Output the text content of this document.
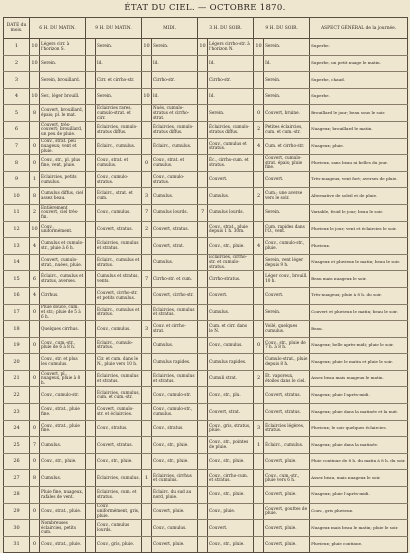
ÉTAT DU CIEL. — OCTOBRE 1870.
DATE du mois.	6 H. DU MATIN.		9 H. DU MATIN.		MIDI.		3 H. DU SOIR.		9 H. DU SOIR.		ASPECT GÉNÉRAL de la journée.
1	10	Légers cirr. à l'horizon S.		Serein.	10	Serein.	10	Légers cirrho-str. à l'horizon N.	10	Serein.	Superbe.
2	10	Serein.		Id.		Id.		Id.		Id.	Superbe, un petit nuage le matin.
3		Serein, brouillard.		Cirr. et cirrho-str.		Cirrho-str.		Cirrho-str.		Serein.	Superbe, chaud.
4	10	Ser., léger brouill.		Serein.	10	Id.		Id.		Serein.	Superbe.
5	8	Couvert, brouillard, épais; pl. le mat.		Éclaircies rares, cumulo-strat. et cirr.		Nués, cumulo-stratus et cirrho-strat.		Serein.	0	Couvert, bruine.	Brouillard le jour; beau sous le soir.
6		Couvert, très-couvert; brouillard, un peu de pluie.		Éclaircies, cumulo-stratus diffus.		Éclaircies, cumulo-stratus diffus.		Éclaircies, cumulo-stratus diffus.	2	Petites éclaircies, cum. et cum.-str.	Nuageux; brouillard le matin.
7	0	Couv., strat. peu nuageux; vent et pluie.		Éclairc., cumulus.		Éclairc., cumulus.		Couv., cumulus et stratus.	4	Cum. et cirrho-str.	Nuageux; pluie.
8	0	Couv., str., pl. plus fine, vent, pluie.		Couv., strat. et cumulus.	0	Couv., strat. et cumulus.		Éc., cirrho-cum. et stratus.		Couvert, cumulo-strat. épais; pluie fine.	Pluvieux, sans beau ni belles du jour.
9	1	Éclaircies, petits cumulus.		Couv., cumulo-stratus.		Couv., cumulo-stratus.		Couvert.		Couvert.	Très-nuageux, vent fort; averses de pluie.
10	8	Cumulus diffus, ciel assez beau.		Éclairc., strat. et cum.	3	Cumulus.		Cumulus.	2	Cum.; une averse vers le soir.	Alternative de soleil et de pluie.
11	2	Entièrement couvert, ciel très-fin.		Couv., cumulus.	7	Cumulus lourds.	7	Cumulus lourds.		Serein.	Variable, froid le jour; beau le soir.
12	10	Couv., uniformément.		Couvert, stratus.	2	Couvert, stratus.		Couv., strat., pluie depuis 1 h. 30m.		Cum. rapides dans l'O., vent.	Pluvieux le jour; vent et éclaircies le soir.
13	4	Cumulus et cumulo-str., pluie à 6 h.		Éclaircies, cumulus et stratus.		Couvert, strat.		Couv., str., pluie.	4	Couv., cumulo-str., pluie.	Pluvieux.
14		Couvert, cumulo-strat., nuées, pluie.		Éclairc., cumulus et stratus.		Cumulus.		Éclaircies, cirrho-str. et cumulo-stratus.		Serein, vent léger depuis 9 h.	Nuageux et pluvieux le matin; beau le soir.
15	6	Éclairc., cumulus et stratus, averses.		Cumulus et stratus, vents.	7	Cirrho-str. et cum.		Cirrho-stratus.		Léger couv., brouill. 10 h.	Beau mais nuageux le soir.
16	4	Cirrhus.		Couvert, cirrho-str. et petits cumulus.		Couvert, cirrho-str.		Couvert.		Couvert.	Très-nuageux; pluie à 8 h. du soir.
17	0	Pluie douce, cum. et str.; pluie de 5 à 6 h.		Éclairc., cumulus et stratus.		Éclaircies, cumulus et stratus.		Cumulus.		Serein.	Couvert et pluvieux le matin; beau le soir.
18		Quelques cirrhus.		Couv., cumulus.	3	Couv. et cirrho-strat.		Cum. et cirr. dans le N.		Voilé, quelques cumulus.	Beau.
19	0	Couv., cum.-str., pluie de 6 à 8 h.		Éclairc., cumulo-stratus.		Cumulus.		Couv., cumulus.	0	Couv., str., pluie de 7 h. à 8 h.	Nuageux; belle après-midi; pluie le soir.
20		Couv., str. et plus les cumulus.		Cir. et cum. dans le N., pluie vers 10 h.		Cumulus rapides.		Cumulus rapides.		Cumulo-strat., pluie depuis 8 h.	Nuageux; pluie le matin et pluie le soir.
21	0	Couvert, pl., nuageux, pluie à 8 h.		Éclaircies, cumulus et stratus.		Éclaircies, cumulus et stratus.		Cumuli strat.	2	Ét. vaporeux, étoiles dans le ciel.	Assez beau mais nuageux le matin.
22		Couv., cumulo-str.		Éclaircies, cumulus, cum. et cum.-str.		Couv., cumulo-str.		Couv., str., plu.		Couvert, stratus.	Nuageux; pluie l'après-midi.
23		Couv., strat., pluie fine.		Couvert, cumulo-str. et éclaircies.		Couv., cumulo-str., cumulus.		Couvert, strat.		Couvert, stratus.	Nuageux; pluie dans la matinée et la nuit.
24	0	Couv., strat., pluie fine.		Couv., stratus.		Couv., stratus.		Couv., gris, stratus, pluie.	3	Éclaircies légères, stratus.	Pluvieux; le soir quelques éclaircies.
25	7	Cumulus.		Couvert, stratus.		Couv., str., pluie.		Couv., str., pointes de pluie.	1	Éclairc., cumulus.	Nuageux; pluie dans la matinée.
26	0	Couv., str., pluie.		Couv., str., pluie.		Couv., str., pluie.		Couv., str., pluie.		Couvert, pluie.	Pluie continue de 8 h. du matin à 8 h. du soir.
27	8	Cumulus.		Éclaircies, cumulus.	1	Éclaircies, cirrhus et cumulus.		Couv., cirrho-cum. et stratus.		Couv., cum.-str., pluie vers 6 h.	Assez beau, mais nuageux le soir.
28		Pluie fine, nuageux, rafales de vent.		Éclaircies, cum. et stratus.		Éclairc. du sud au nord, pluie.		Couv., str., pluie.		Couvert, pluie.	Nuageux; pluie l'après-midi.
29	0	Couv., strat., pluie.		Couv. uniformément, gris, pluie.		Couvert, pluie.		Couv., pluie.		Couvert, gouttes de pluie.	Couv., gris pluvieux.
30		Nombreuses éclaircies, petits cum.		Couv., cumulus lourds.		Couv., cumulus.		Couvert.		Couvert, pluie.	Nuageux mais beau le matin; pluie le soir.
31	0	Couv., strat., pluie.		Couv., gris, pluie.		Couvert, pluie.		Couv., str., pluie.		Couvert, pluie.	Pluvieux; pluie continue.
